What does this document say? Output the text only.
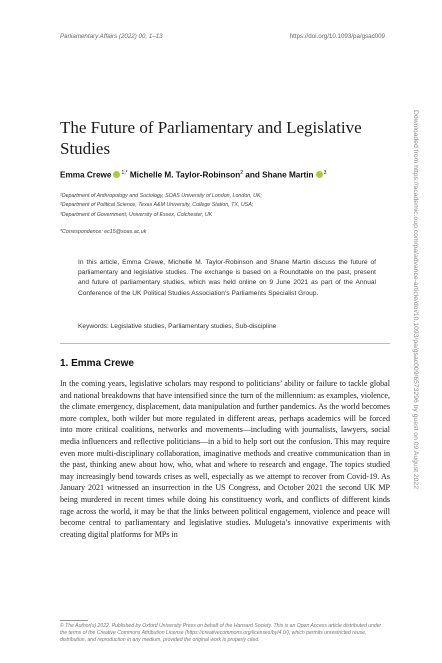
Parliamentary Affairs (2022) 00, 1–13	https://doi.org/10.1093/pa/gsac009
Downloaded from https://academic.oup.com/pa/advance-article/doi/10.1093/pa/gsac009/6573296 by guest on 09 August 2022
The Future of Parliamentary and Legislative Studies
Emma Crewe $^{1,*}$ Michelle M. Taylor-Robinson$^2$ and Shane Martin $^3$
¹Department of Anthropology and Sociology, SOAS University of London, London, UK;
²Department of Political Science, Texas A&M University, College Station, TX, USA;
³Department of Government, University of Essex, Colchester, UK
*Correspondence: ec15@soas.ac.uk
In this article, Emma Crewe, Michelle M. Taylor-Robinson and Shane Martin discuss the future of parliamentary and legislative studies. The exchange is based on a Roundtable on the past, present and future of parliamentary studies, which was held online on 9 June 2021 as part of the Annual Conference of the UK Political Studies Association’s Parliaments Specialist Group.
Keywords: Legislative studies, Parliamentary studies, Sub-discipline
1. Emma Crewe
In the coming years, legislative scholars may respond to politicians’ ability or failure to tackle global and national breakdowns that have intensified since the turn of the millennium: as examples, violence, the climate emergency, displacement, data manipulation and further pandemics. As the world becomes more complex, both wilder but more regulated in different areas, perhaps academics will be forced into more critical coalitions, networks and movements—including with journalists, lawyers, social media influencers and reflective politicians—in a bid to help sort out the confusion. This may require even more multi-disciplinary collaboration, imaginative methods and creative communication than in the past, thinking anew about how, who, what and where to research and engage. The topics studied may increasingly bend towards crises as well, especially as we attempt to recover from Covid-19. As January 2021 witnessed an insurrection in the US Congress, and October 2021 the second UK MP being murdered in recent times while doing his constituency work, and conflicts of different kinds rage across the world, it may be that the links between political engagement, violence and peace will become central to parliamentary and legislative studies. Mulugeta’s innovative experiments with creating digital platforms for MPs in
© The Author(s) 2022. Published by Oxford University Press on behalf of the Hansard Society. This is an Open Access article distributed under the terms of the Creative Commons Attribution License (https://creativecommons.org/licenses/by/4.0/), which permits unrestricted reuse, distribution, and reproduction in any medium, provided the original work is properly cited.
